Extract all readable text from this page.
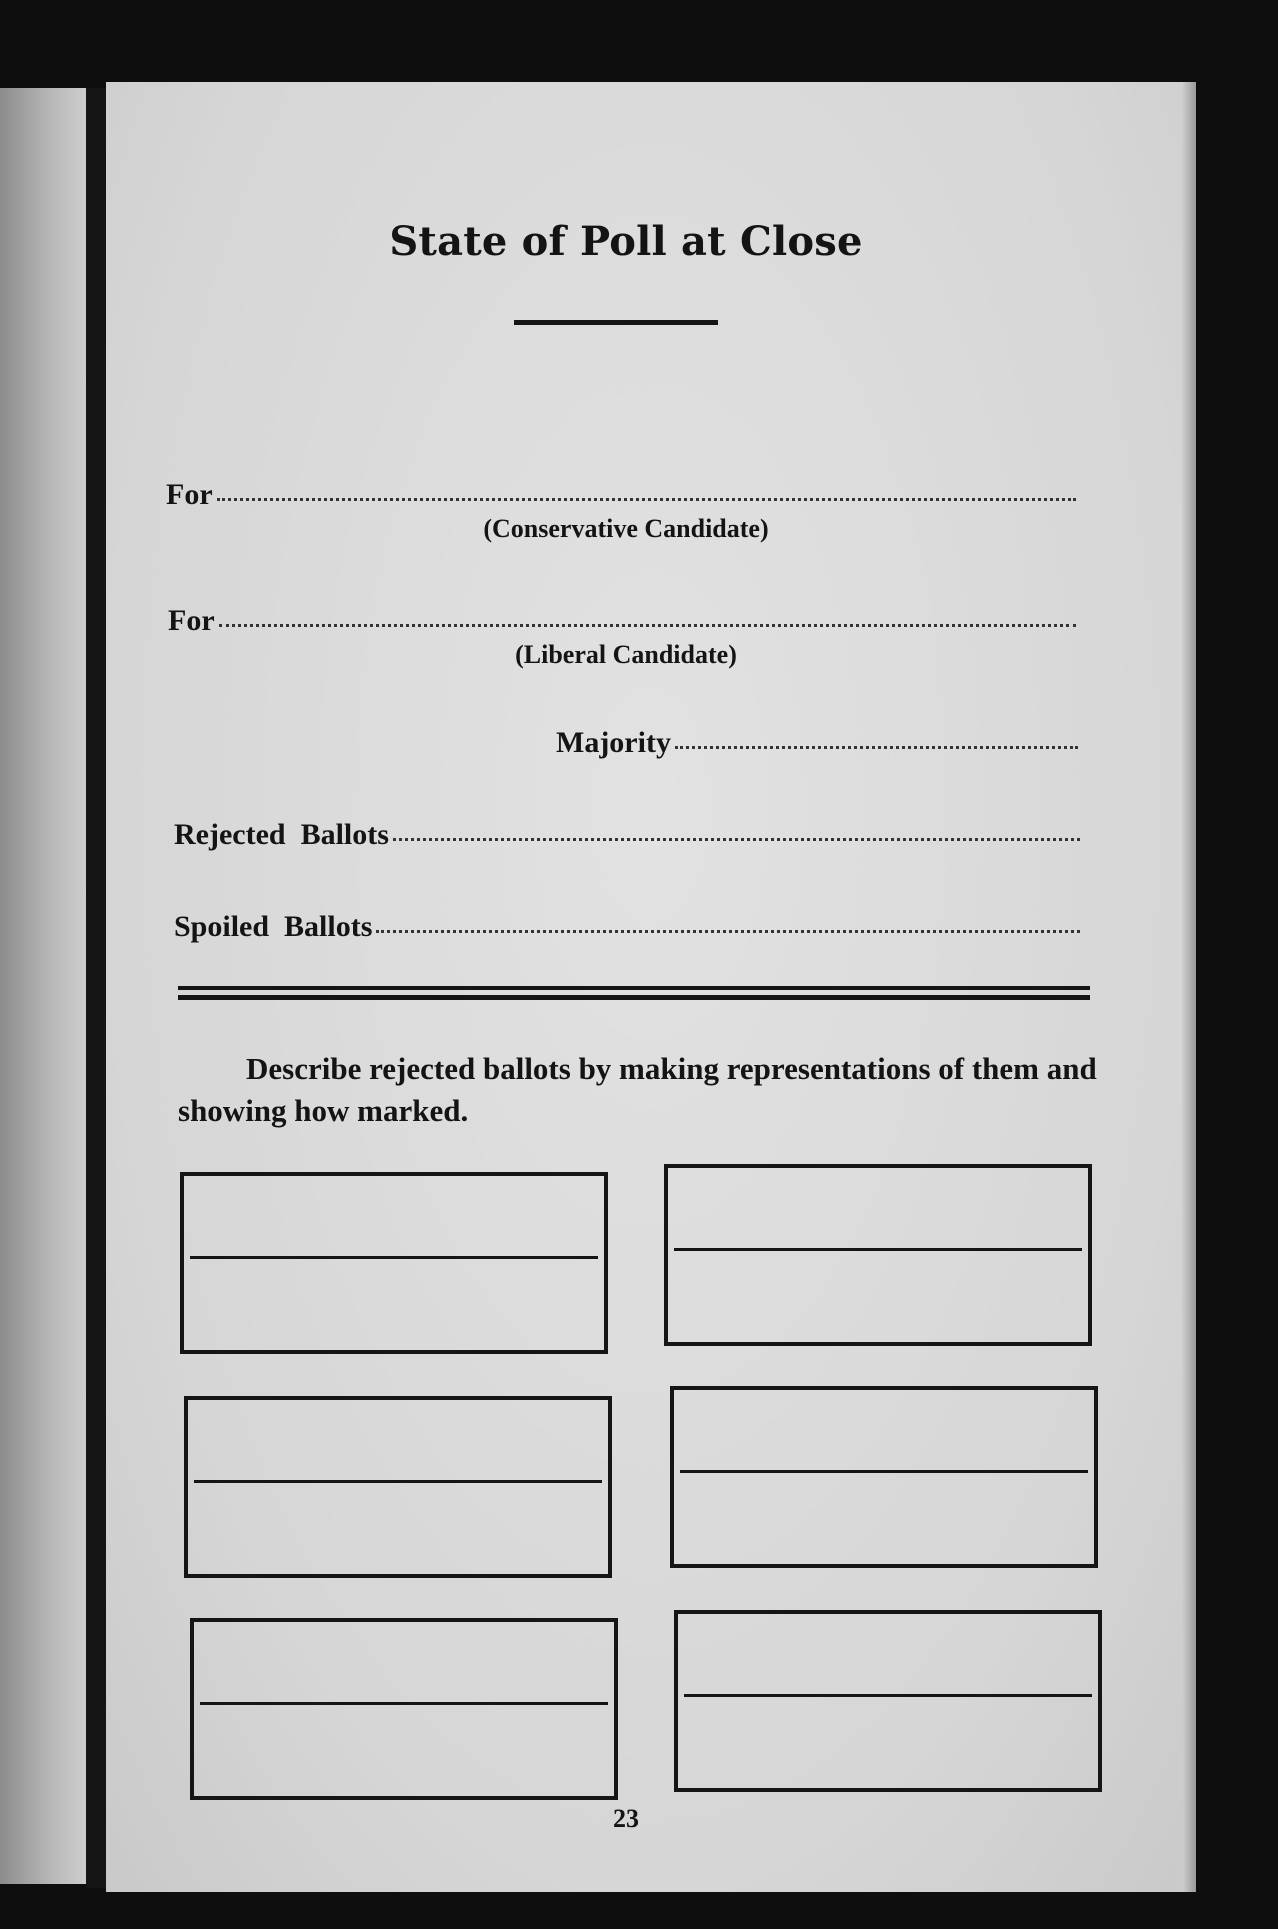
State of Poll at Close
For
(Conservative Candidate)
For
(Liberal Candidate)
Majority
Rejected  Ballots
Spoiled  Ballots
Describe rejected ballots by making representations of them and showing how marked.
23
